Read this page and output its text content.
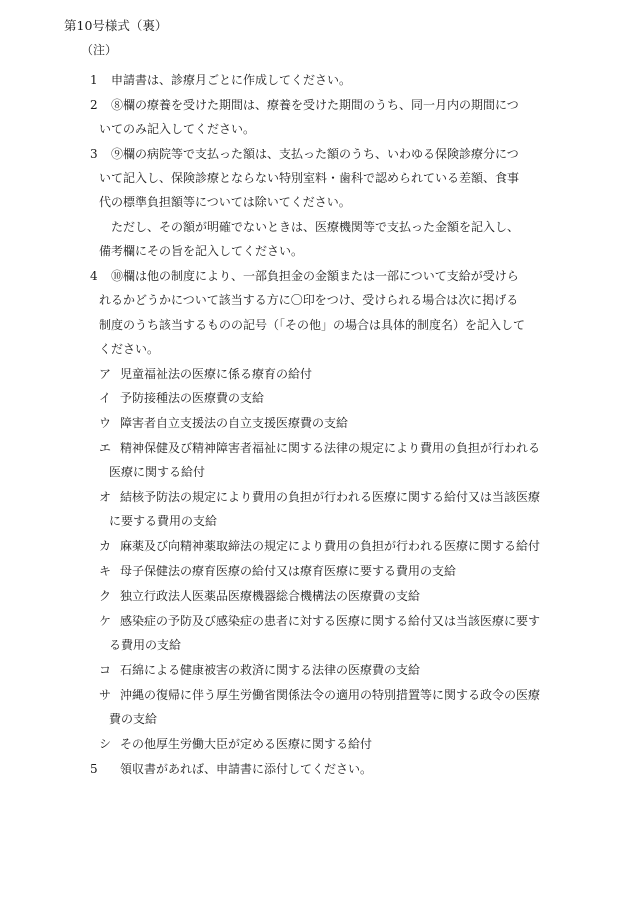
第10号様式（裏）
（注）
1 申請書は、診療月ごとに作成してください。
2 ⑧欄の療養を受けた期間は、療養を受けた期間のうち、同一月内の期間につ
いてのみ記入してください。
3 ⑨欄の病院等で支払った額は、支払った額のうち、いわゆる保険診療分につ
いて記入し、保険診療とならない特別室料・歯科で認められている差額、食事
代の標準負担額等については除いてください。
ただし、その額が明確でないときは、医療機関等で支払った金額を記入し、
備考欄にその旨を記入してください。
4 ⑩欄は他の制度により、一部負担金の金額または一部について支給が受けら
れるかどうかについて該当する方に〇印をつけ、受けられる場合は次に掲げる
制度のうち該当するものの記号（「その他」の場合は具体的制度名）を記入して
ください。
ア 児童福祉法の医療に係る療育の給付
イ 予防接種法の医療費の支給
ウ 障害者自立支援法の自立支援医療費の支給
エ 精神保健及び精神障害者福祉に関する法律の規定により費用の負担が行われる
医療に関する給付
オ 結核予防法の規定により費用の負担が行われる医療に関する給付又は当該医療
に要する費用の支給
カ 麻薬及び向精神薬取締法の規定により費用の負担が行われる医療に関する給付
キ 母子保健法の療育医療の給付又は療育医療に要する費用の支給
ク 独立行政法人医薬品医療機器総合機構法の医療費の支給
ケ 感染症の予防及び感染症の患者に対する医療に関する給付又は当該医療に要す
る費用の支給
コ 石綿による健康被害の救済に関する法律の医療費の支給
サ 沖縄の復帰に伴う厚生労働省関係法令の適用の特別措置等に関する政令の医療
費の支給
シ その他厚生労働大臣が定める医療に関する給付
5 領収書があれば、申請書に添付してください。
